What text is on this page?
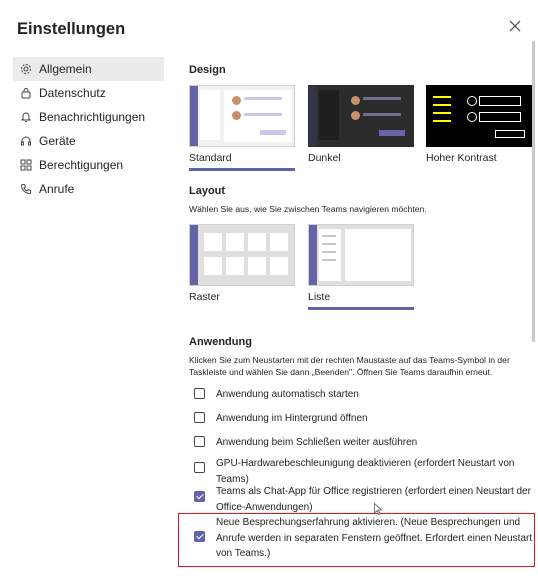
Einstellungen
Allgemein
Datenschutz
Benachrichtigungen
Geräte
Berechtigungen
Anrufe
Design
Standard	Dunkel	Hoher Kontrast
Layout
Wählen Sie aus, wie Sie zwischen Teams navigieren möchten.
Raster	Liste
Anwendung
Klicken Sie zum Neustarten mit der rechten Maustaste auf das Teams-Symbol in der Taskleiste und wählen Sie dann „Beenden". Öffnen Sie Teams daraufhin erneut.
Anwendung automatisch starten
Anwendung im Hintergrund öffnen
Anwendung beim Schließen weiter ausführen
GPU-Hardwarebeschleunigung deaktivieren (erfordert Neustart von Teams)
Teams als Chat-App für Office registrieren (erfordert einen Neustart der Office-Anwendungen)
Neue Besprechungserfahrung aktivieren. (Neue Besprechungen und Anrufe werden in separaten Fenstern geöffnet. Erfordert einen Neustart von Teams.)
